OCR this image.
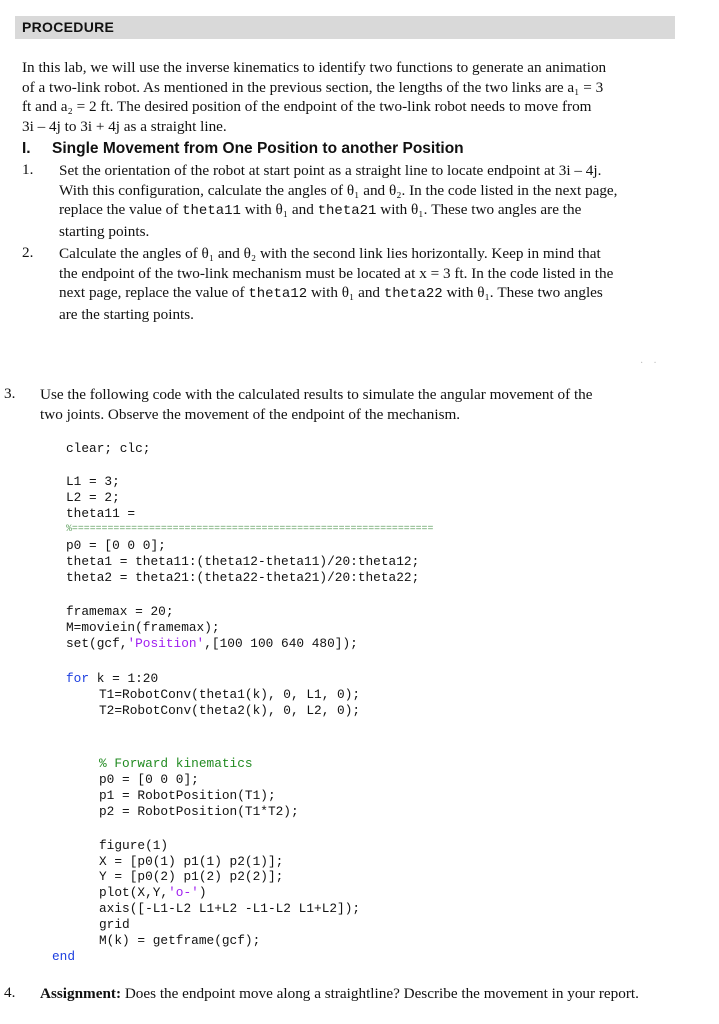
PROCEDURE
In this lab, we will use the inverse kinematics to identify two functions to generate an animation
of a two-link robot. As mentioned in the previous section, the lengths of the two links are a₁ = 3
ft and a₂ = 2 ft. The desired position of the endpoint of the two-link robot needs to move from
3i – 4j to 3i + 4j as a straight line.
I. Single Movement from One Position to another Position
1. Set the orientation of the robot at start point as a straight line to locate endpoint at 3i – 4j.
With this configuration, calculate the angles of θ₁ and θ₂. In the code listed in the next page,
replace the value of theta11 with θ₁ and theta21 with θ₁. These two angles are the
starting points.
2. Calculate the angles of θ₁ and θ₂ with the second link lies horizontally. Keep in mind that
the endpoint of the two-link mechanism must be located at x = 3 ft. In the code listed in the
next page, replace the value of theta12 with θ₁ and theta22 with θ₁. These two angles
are the starting points.
·    ·
3. Use the following code with the calculated results to simulate the angular movement of the
two joints. Observe the movement of the endpoint of the mechanism.
clear; clc;
L1 = 3;
L2 = 2;
theta11 =
%=============================================================
p0 = [0 0 0];
theta1 = theta11:(theta12-theta11)/20:theta12;
theta2 = theta21:(theta22-theta21)/20:theta22;
framemax = 20;
M=moviein(framemax);
set(gcf,'Position',[100 100 640 480]);
for k = 1:20
T1=RobotConv(theta1(k), 0, L1, 0);
T2=RobotConv(theta2(k), 0, L2, 0);
% Forward kinematics
p0 = [0 0 0];
p1 = RobotPosition(T1);
p2 = RobotPosition(T1*T2);
figure(1)
X = [p0(1) p1(1) p2(1)];
Y = [p0(2) p1(2) p2(2)];
plot(X,Y,'o-')
axis([-L1-L2 L1+L2 -L1-L2 L1+L2]);
grid
M(k) = getframe(gcf);
end
4. Assignment: Does the endpoint move along a straightline? Describe the movement in your report.
